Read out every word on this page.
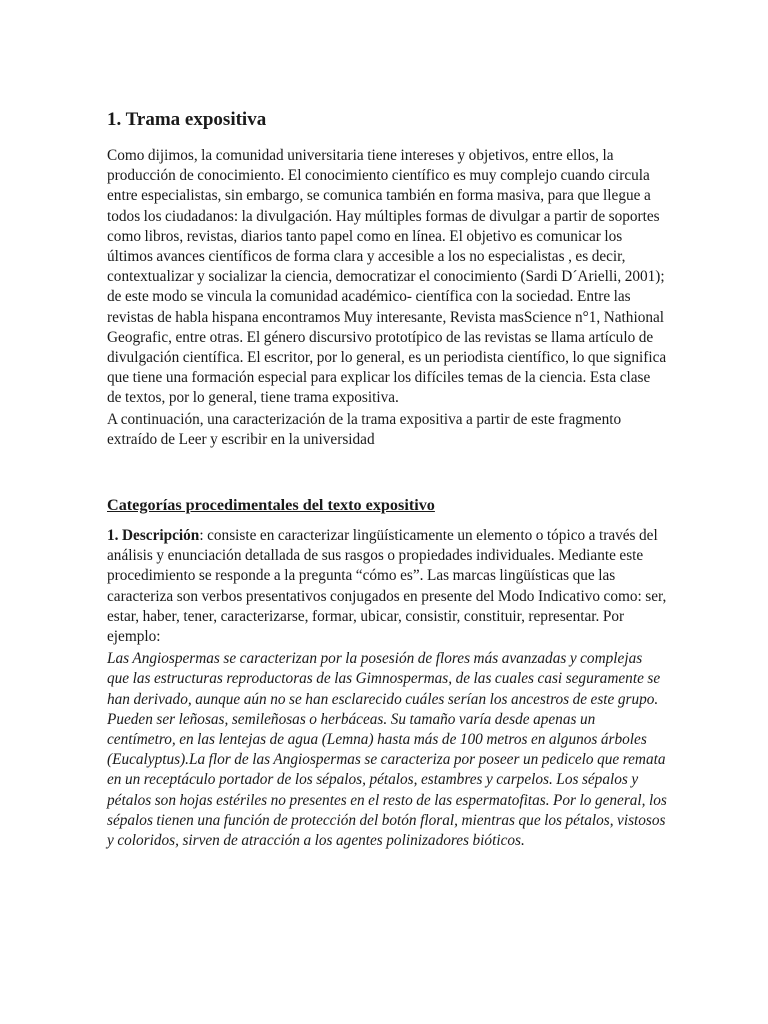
1. Trama expositiva

Como dijimos, la comunidad universitaria tiene intereses y objetivos, entre ellos, la producción de conocimiento. El conocimiento científico es muy complejo cuando circula entre especialistas, sin embargo, se comunica también en forma masiva, para que llegue a todos los ciudadanos: la divulgación. Hay múltiples formas de divulgar a partir de soportes como libros, revistas, diarios tanto papel como en línea. El objetivo es comunicar los últimos avances científicos de forma clara y accesible a los no especialistas , es decir, contextualizar y socializar la ciencia, democratizar el conocimiento (Sardi D´Arielli, 2001); de este modo se vincula la comunidad académico- científica con la sociedad. Entre las revistas de habla hispana encontramos Muy interesante, Revista masScience n°1, Nathional Geografic, entre otras. El género discursivo prototípico de las revistas se llama artículo de divulgación científica. El escritor, por lo general, es un periodista científico, lo que significa que tiene una formación especial para explicar los difíciles temas de la ciencia. Esta clase de textos, por lo general, tiene trama expositiva.

A continuación, una caracterización de la trama expositiva a partir de este fragmento extraído de Leer y escribir en la universidad

Categorías procedimentales del texto expositivo

1. Descripción: consiste en caracterizar lingüísticamente un elemento o tópico a través del análisis y enunciación detallada de sus rasgos o propiedades individuales. Mediante este procedimiento se responde a la pregunta “cómo es”. Las marcas lingüísticas que las caracteriza son verbos presentativos conjugados en presente del Modo Indicativo como: ser, estar, haber, tener, caracterizarse, formar, ubicar, consistir, constituir, representar. Por ejemplo:

Las Angiospermas se caracterizan por la posesión de flores más avanzadas y complejas que las estructuras reproductoras de las Gimnospermas, de las cuales casi seguramente se han derivado, aunque aún no se han esclarecido cuáles serían los ancestros de este grupo. Pueden ser leñosas, semileñosas o herbáceas. Su tamaño varía desde apenas un centímetro, en las lentejas de agua (Lemna) hasta más de 100 metros en algunos árboles (Eucalyptus).La flor de las Angiospermas se caracteriza por poseer un pedicelo que remata en un receptáculo portador de los sépalos, pétalos, estambres y carpelos. Los sépalos y pétalos son hojas estériles no presentes en el resto de las espermatofitas. Por lo general, los sépalos tienen una función de protección del botón floral, mientras que los pétalos, vistosos y coloridos, sirven de atracción a los agentes polinizadores bióticos.
